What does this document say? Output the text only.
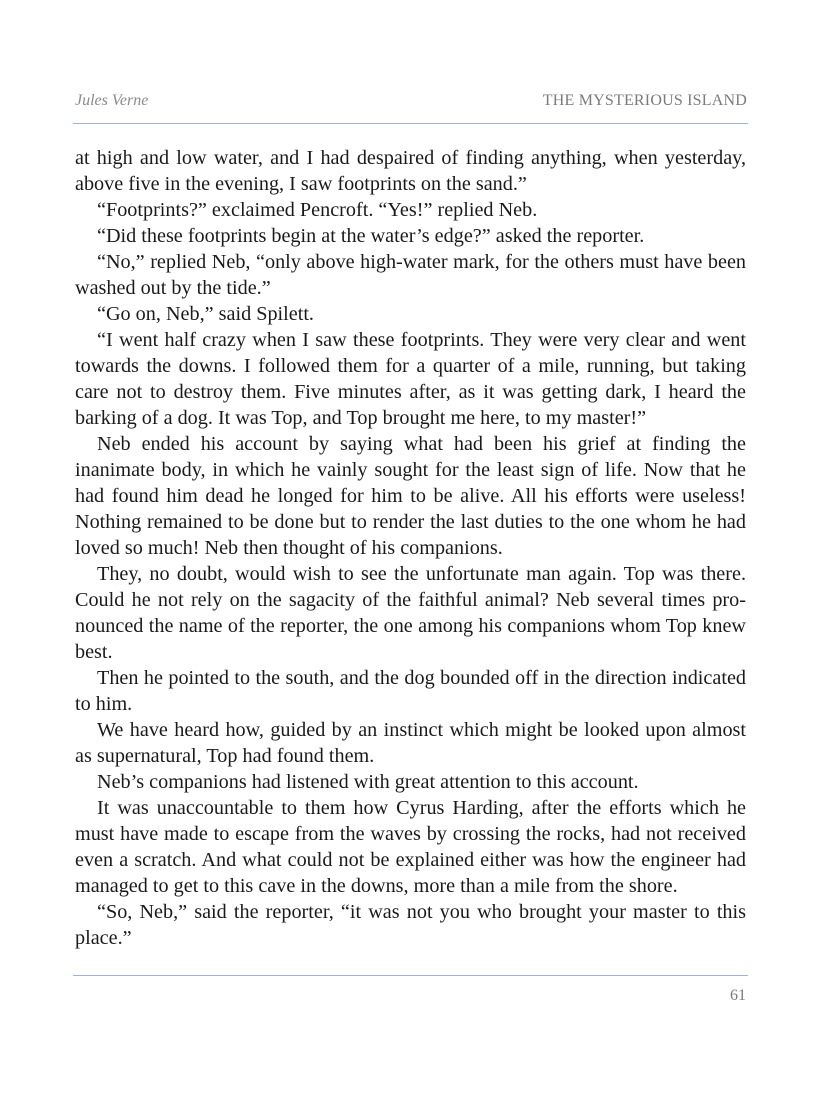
Jules Verne	THE MYSTERIOUS ISLAND

at high and low water, and I had despaired of finding anything, when yesterday, above five in the evening, I saw footprints on the sand.”

“Footprints?” exclaimed Pencroft. “Yes!” replied Neb.

“Did these footprints begin at the water’s edge?” asked the reporter.

“No,” replied Neb, “only above high-water mark, for the others must have been washed out by the tide.”

“Go on, Neb,” said Spilett.

“I went half crazy when I saw these footprints. They were very clear and went towards the downs. I followed them for a quarter of a mile, running, but taking care not to destroy them. Five minutes after, as it was getting dark, I heard the barking of a dog. It was Top, and Top brought me here, to my master!”

Neb ended his account by saying what had been his grief at finding the inanimate body, in which he vainly sought for the least sign of life. Now that he had found him dead he longed for him to be alive. All his efforts were useless! Nothing remained to be done but to render the last duties to the one whom he had loved so much! Neb then thought of his companions.

They, no doubt, would wish to see the unfortunate man again. Top was there. Could he not rely on the sagacity of the faithful animal? Neb several times pronounced the name of the reporter, the one among his companions whom Top knew best.

Then he pointed to the south, and the dog bounded off in the direction indicated to him.

We have heard how, guided by an instinct which might be looked upon almost as supernatural, Top had found them.

Neb’s companions had listened with great attention to this account.

It was unaccountable to them how Cyrus Harding, after the efforts which he must have made to escape from the waves by crossing the rocks, had not received even a scratch. And what could not be explained either was how the engineer had managed to get to this cave in the downs, more than a mile from the shore.

“So, Neb,” said the reporter, “it was not you who brought your master to this place.”

61
